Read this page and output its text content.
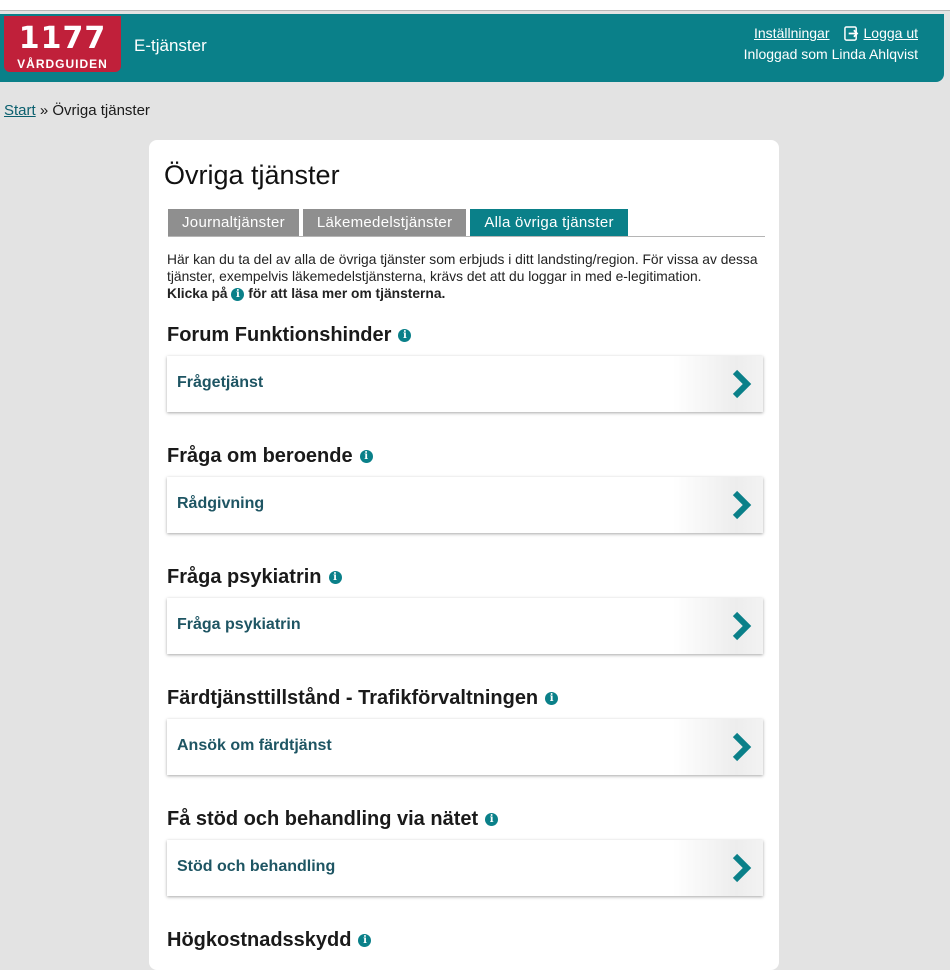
1177
VÅRDGUIDEN
E-tjänster
Inställningar Logga ut
Inloggad som Linda Ahlqvist
Start » Övriga tjänster
Övriga tjänster
Journaltjänster	Läkemedelstjänster	Alla övriga tjänster
Här kan du ta del av alla de övriga tjänster som erbjuds i ditt landsting/region. För vissa av dessa tjänster, exempelvis läkemedelstjänsterna, krävs det att du loggar in med e-legitimation.
Klicka på i för att läsa mer om tjänsterna.
Forum Funktionshinder	i
Frågetjänst
Fråga om beroende	i
Rådgivning
Fråga psykiatrin	i
Fråga psykiatrin
Färdtjänsttillstånd - Trafikförvaltningen	i
Ansök om färdtjänst
Få stöd och behandling via nätet	i
Stöd och behandling
Högkostnadsskydd	i
